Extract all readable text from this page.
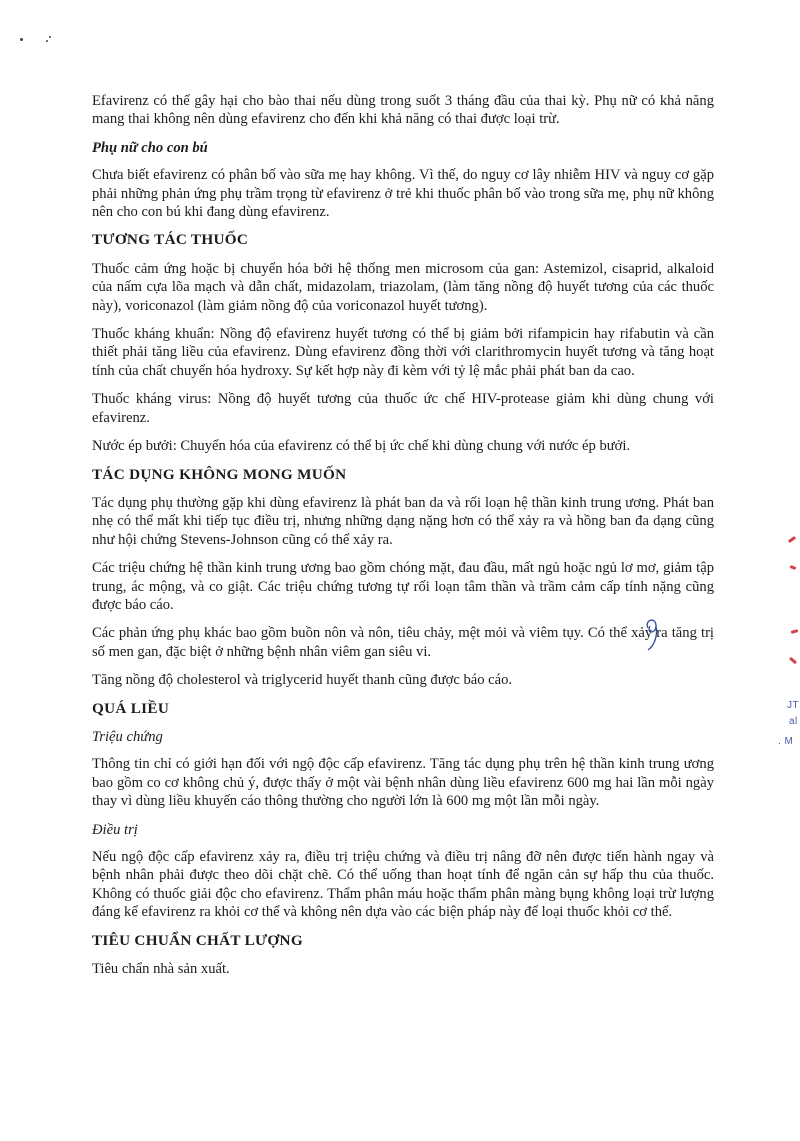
Efavirenz có thể gây hại cho bào thai nếu dùng trong suốt 3 tháng đầu của thai kỳ. Phụ nữ có khả năng mang thai không nên dùng efavirenz cho đến khi khả năng có thai được loại trừ.

Phụ nữ cho con bú

Chưa biết efavirenz có phân bố vào sữa mẹ hay không. Vì thế, do nguy cơ lây nhiễm HIV và nguy cơ gặp phải những phản ứng phụ trầm trọng từ efavirenz ở trẻ khi thuốc phân bố vào trong sữa mẹ, phụ nữ không nên cho con bú khi đang dùng efavirenz.

TƯƠNG TÁC THUỐC

Thuốc cảm ứng hoặc bị chuyển hóa bởi hệ thống men microsom của gan: Astemizol, cisaprid, alkaloid của nấm cựa lõa mạch và dẫn chất, midazolam, triazolam, (làm tăng nồng độ huyết tương của các thuốc này), voriconazol (làm giảm nồng độ của voriconazol huyết tương).

Thuốc kháng khuẩn: Nồng độ efavirenz huyết tương có thể bị giảm bởi rifampicin hay rifabutin và cần thiết phải tăng liều của efavirenz. Dùng efavirenz đồng thời với clarithromycin huyết tương và tăng hoạt tính của chất chuyển hóa hydroxy. Sự kết hợp này đi kèm với tỷ lệ mắc phải phát ban da cao.

Thuốc kháng virus: Nồng độ huyết tương của thuốc ức chế HIV-protease giảm khi dùng chung với efavirenz.

Nước ép bưởi: Chuyển hóa của efavirenz có thể bị ức chế khi dùng chung với nước ép bưởi.

TÁC DỤNG KHÔNG MONG MUỐN

Tác dụng phụ thường gặp khi dùng efavirenz là phát ban da và rối loạn hệ thần kinh trung ương. Phát ban nhẹ có thể mất khi tiếp tục điều trị, nhưng những dạng nặng hơn có thể xảy ra và hồng ban đa dạng cũng như hội chứng Stevens-Johnson cũng có thể xảy ra.

Các triệu chứng hệ thần kinh trung ương bao gồm chóng mặt, đau đầu, mất ngủ hoặc ngủ lơ mơ, giảm tập trung, ác mộng, và co giật. Các triệu chứng tương tự rối loạn tâm thần và trầm cảm cấp tính nặng cũng được báo cáo.

Các phản ứng phụ khác bao gồm buồn nôn và nôn, tiêu chảy, mệt mỏi và viêm tụy. Có thể xảy ra tăng trị số men gan, đặc biệt ở những bệnh nhân viêm gan siêu vi.

Tăng nồng độ cholesterol và triglycerid huyết thanh cũng được báo cáo.

QUÁ LIỀU

Triệu chứng

Thông tin chỉ có giới hạn đối với ngộ độc cấp efavirenz. Tăng tác dụng phụ trên hệ thần kinh trung ương bao gồm co cơ không chủ ý, được thấy ở một vài bệnh nhân dùng liều efavirenz 600 mg hai lần mỗi ngày thay vì dùng liều khuyến cáo thông thường cho người lớn là 600 mg một lần mỗi ngày.

Điều trị

Nếu ngộ độc cấp efavirenz xảy ra, điều trị triệu chứng và điều trị nâng đỡ nên được tiến hành ngay và bệnh nhân phải được theo dõi chặt chẽ. Có thể uống than hoạt tính để ngăn cản sự hấp thu của thuốc. Không có thuốc giải độc cho efavirenz. Thẩm phân máu hoặc thẩm phân màng bụng không loại trừ lượng đáng kể efavirenz ra khỏi cơ thể và không nên dựa vào các biện pháp này để loại thuốc khỏi cơ thể.

TIÊU CHUẨN CHẤT LƯỢNG

Tiêu chẩn nhà sản xuất.

JT
al
. M
